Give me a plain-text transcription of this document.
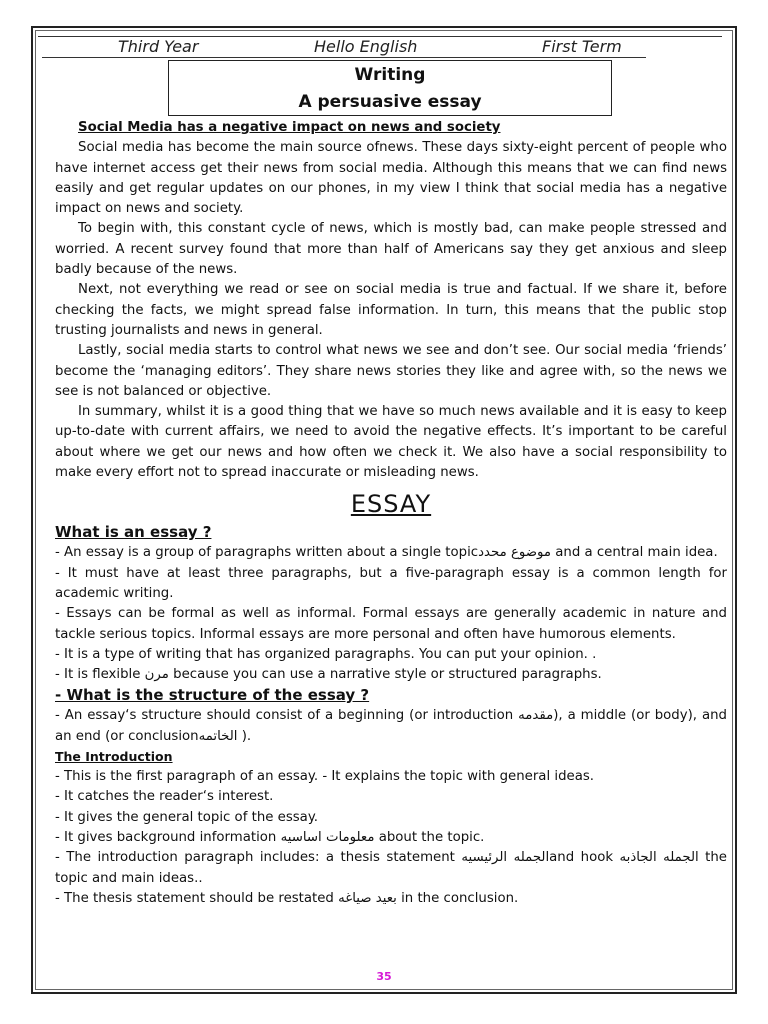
Third Year	Hello English	First Term
Writing
A persuasive essay

Social Media has a negative impact on news and society

Social media has become the main source ofnews. These days sixty-eight percent of people who have internet access get their news from social media. Although this means that we can find news easily and get regular updates on our phones, in my view I think that social media has a negative impact on news and society.

To begin with, this constant cycle of news, which is mostly bad, can make people stressed and worried. A recent survey found that more than half of Americans say they get anxious and sleep badly because of the news.

Next, not everything we read or see on social media is true and factual. If we share it, before checking the facts, we might spread false information. In turn, this means that the public stop trusting journalists and news in general.

Lastly, social media starts to control what news we see and don’t see. Our social media ‘friends’ become the ‘managing editors’. They share news stories they like and agree with, so the news we see is not balanced or objective.

In summary, whilst it is a good thing that we have so much news available and it is easy to keep up-to-date with current affairs, we need to avoid the negative effects. It’s important to be careful about where we get our news and how often we check it. We also have a social responsibility to make every effort not to spread inaccurate or misleading news.

ESSAY

What is an essay ?

- An essay is a group of paragraphs written about a single topicموضوع محدد and a central main idea.

- It must have at least three paragraphs, but a five-paragraph essay is a common length for academic writing.

- Essays can be formal as well as informal. Formal essays are generally academic in nature and tackle serious topics. Informal essays are more personal and often have humorous elements.

- It is a type of writing that has organized paragraphs. You can put your opinion. .

- It is flexible مرن because you can use a narrative style or structured paragraphs.

- What is the structure of the essay ?

- An essay‘s structure should consist of a beginning (or introduction مقدمه), a middle (or body), and an end (or conclusionالخاتمه ).

The Introduction

- This is the first paragraph of an essay. - It explains the topic with general ideas.

- It catches the reader‘s interest.

- It gives the general topic of the essay.

- It gives background information معلومات اساسيه about the topic.

- The introduction paragraph includes: a thesis statement الجمله الرئيسيهand hook الجمله الجاذبه the topic and main ideas..

- The thesis statement should be restated بعيد صياغه in the conclusion.

35
